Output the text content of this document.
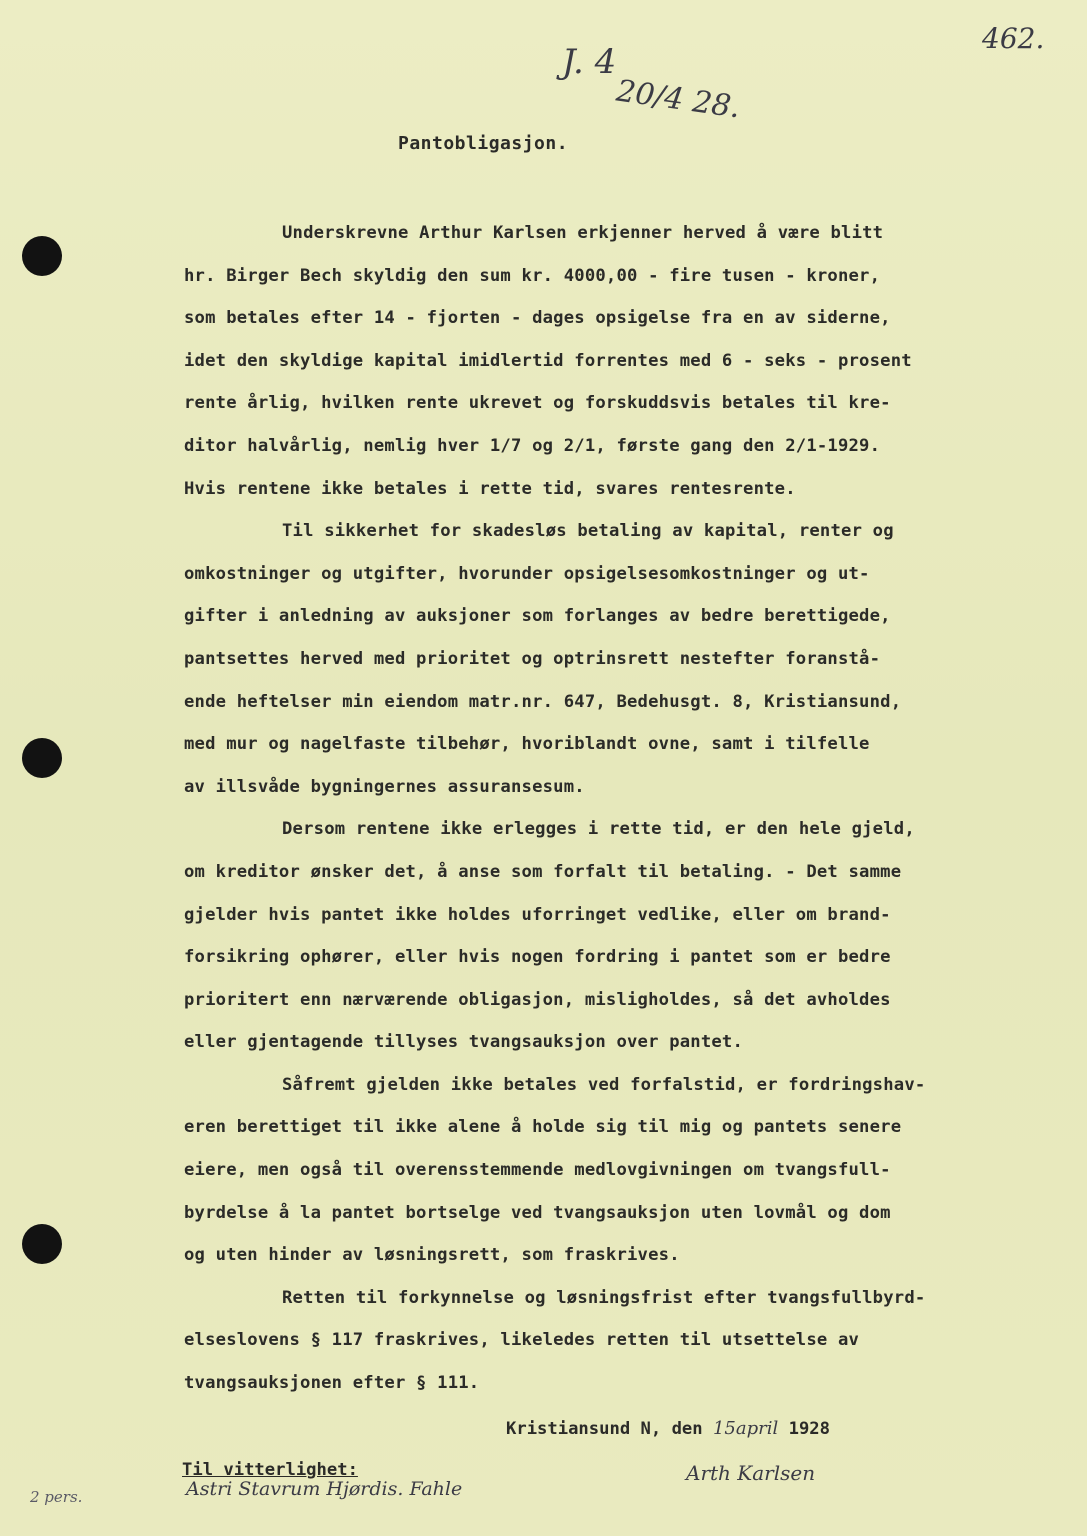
462.
J. 4
20/4 28.
Pantobligasjon.
Underskrevne Arthur Karlsen erkjenner herved å være blitt
hr. Birger Bech skyldig den sum kr. 4000,00 - fire tusen - kroner,
som betales efter 14 - fjorten - dages opsigelse fra en av siderne,
idet den skyldige kapital imidlertid forrentes med 6 - seks - prosent
rente årlig, hvilken rente ukrevet og forskuddsvis betales til kre-
ditor halvårlig, nemlig hver 1/7 og 2/1, første gang den 2/1-1929.
Hvis rentene ikke betales i rette tid, svares rentesrente.
Til sikkerhet for skadesløs betaling av kapital, renter og
omkostninger og utgifter, hvorunder opsigelsesomkostninger og ut-
gifter i anledning av auksjoner som forlanges av bedre berettigede,
pantsettes herved med prioritet og optrinsrett nestefter foranstå-
ende heftelser min eiendom matr.nr. 647, Bedehusgt. 8, Kristiansund,
med mur og nagelfaste tilbehør, hvoriblandt ovne, samt i tilfelle
av illsvåde bygningernes assuransesum.
Dersom rentene ikke erlegges i rette tid, er den hele gjeld,
om kreditor ønsker det, å anse som forfalt til betaling. - Det samme
gjelder hvis pantet ikke holdes uforringet vedlike, eller om brand-
forsikring ophører, eller hvis nogen fordring i pantet som er bedre
prioritert enn nærværende obligasjon, misligholdes, så det avholdes
eller gjentagende tillyses tvangsauksjon over pantet.
Såfremt gjelden ikke betales ved forfalstid, er fordringshav-
eren berettiget til ikke alene å holde sig til mig og pantets senere
eiere, men også til overensstemmende medlovgivningen om tvangsfull-
byrdelse å la pantet bortselge ved tvangsauksjon uten lovmål og dom
og uten hinder av løsningsrett, som fraskrives.
Retten til forkynnelse og løsningsfrist efter tvangsfullbyrd-
elseslovens § 117 fraskrives, likeledes retten til utsettelse av
tvangsauksjonen efter § 111.
Kristiansund N, den 15april 1928
Arth Karlsen
Til vitterlighet:
Astri Stavrum Hjørdis. Fahle
2 pers.
